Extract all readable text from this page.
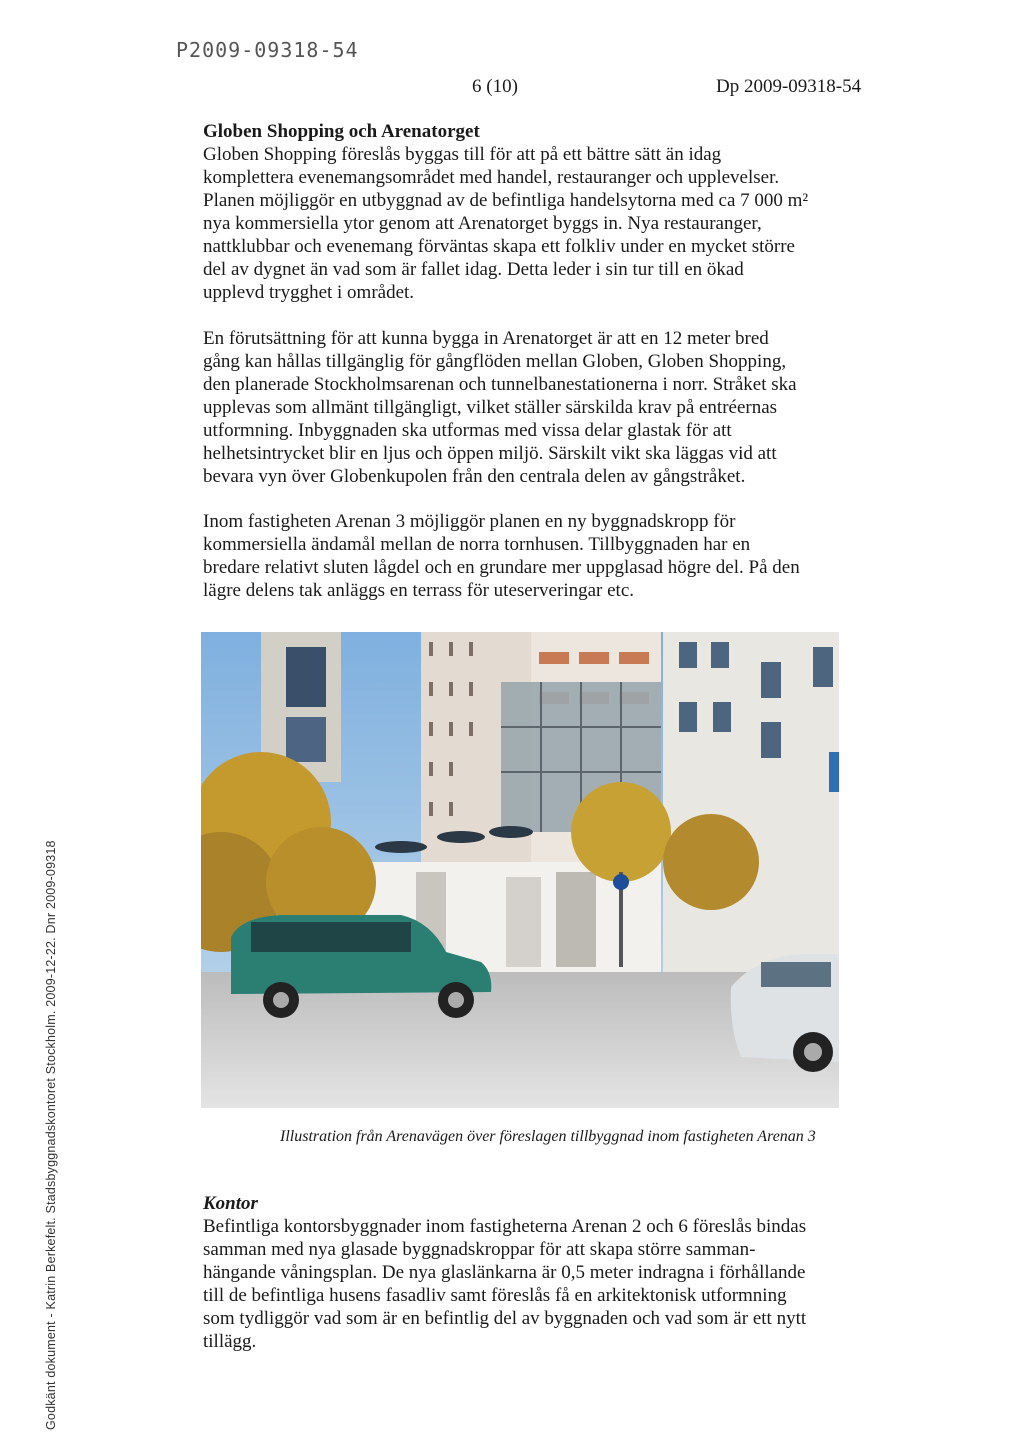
P2009-09318-54
6 (10)	Dp 2009-09318-54
Godkänt dokument - Katrin Berkefelt. Stadsbyggnadskontoret Stockholm. 2009-12-22. Dnr 2009-09318

Globen Shopping och Arenatorget

Globen Shopping föreslås byggas till för att på ett bättre sätt än idag

komplettera evenemangsområdet med handel, restauranger och upplevelser.

Planen möjliggör en utbyggnad av de befintliga handelsytorna med ca 7 000 m²

nya kommersiella ytor genom att Arenatorget byggs in. Nya restauranger,

nattklubbar och evenemang förväntas skapa ett folkliv under en mycket större

del av dygnet än vad som är fallet idag. Detta leder i sin tur till en ökad

upplevd trygghet i området.

En förutsättning för att kunna bygga in Arenatorget är att en 12 meter bred

gång kan hållas tillgänglig för gångflöden mellan Globen, Globen Shopping,

den planerade Stockholmsarenan och tunnelbanestationerna i norr. Stråket ska

upplevas som allmänt tillgängligt, vilket ställer särskilda krav på entréernas

utformning. Inbyggnaden ska utformas med vissa delar glastak för att

helhetsintrycket blir en ljus och öppen miljö. Särskilt vikt ska läggas vid att

bevara vyn över Globenkupolen från den centrala delen av gångstråket.

Inom fastigheten Arenan 3 möjliggör planen en ny byggnadskropp för

kommersiella ändamål mellan de norra tornhusen. Tillbyggnaden har en

bredare relativt sluten lågdel och en grundare mer uppglasad högre del. På den

lägre delens tak anläggs en terrass för uteserveringar etc.

Illustration från Arenavägen över föreslagen tillbyggnad inom fastigheten Arenan 3

Kontor

Befintliga kontorsbyggnader inom fastigheterna Arenan 2 och 6 föreslås bindas

samman med nya glasade byggnadskroppar för att skapa större samman-

hängande våningsplan. De nya glaslänkarna är 0,5 meter indragna i förhållande

till de befintliga husens fasadliv samt föreslås få en arkitektonisk utformning

som tydliggör vad som är en befintlig del av byggnaden och vad som är ett nytt

tillägg.
